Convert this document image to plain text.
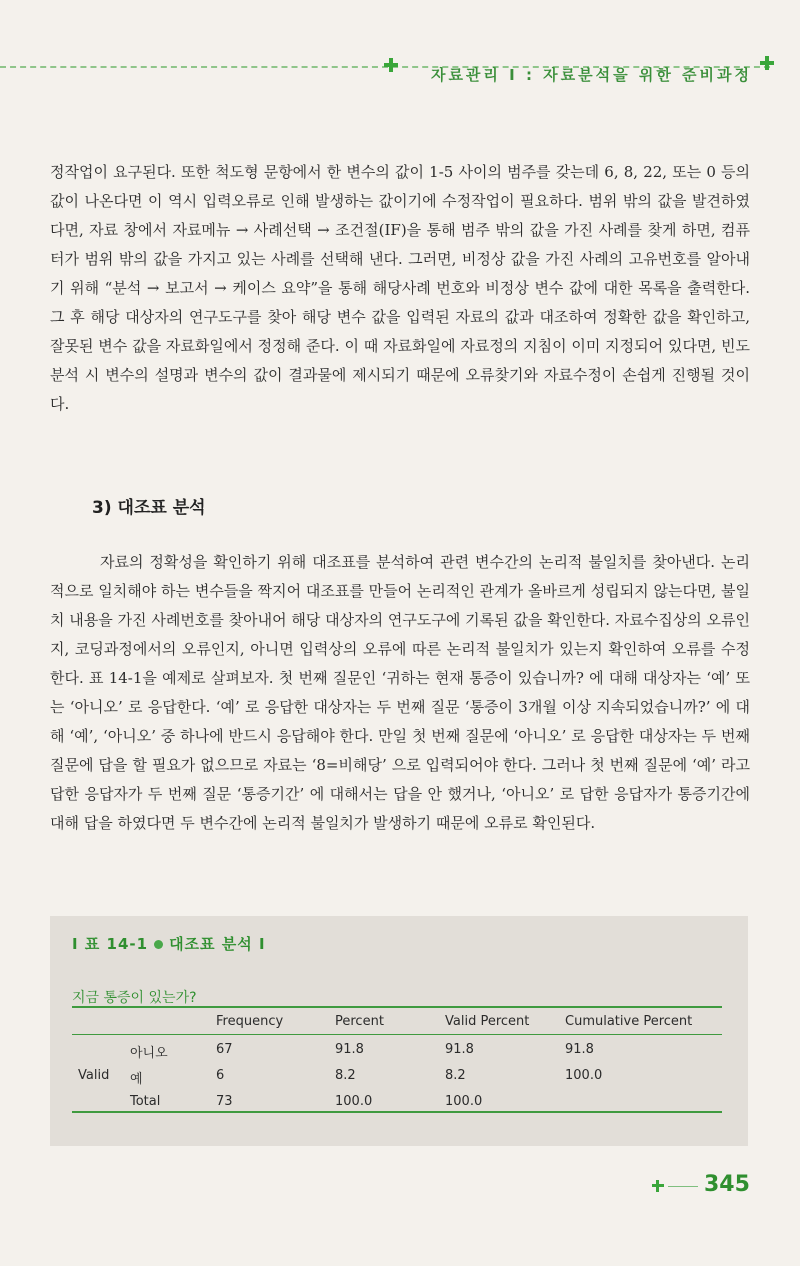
자료관리 I : 자료분석을 위한 준비과정

정작업이 요구된다. 또한 척도형 문항에서 한 변수의 값이 1-5 사이의 범주를 갖는데 6, 8, 22, 또는 0 등의 값이 나온다면 이 역시 입력오류로 인해 발생하는 값이기에 수정작업이 필요하다. 범위 밖의 값을 발견하였다면, 자료 창에서 자료메뉴 → 사례선택 → 조건절(IF)을 통해 범주 밖의 값을 가진 사례를 찾게 하면, 컴퓨터가 범위 밖의 값을 가지고 있는 사례를 선택해 낸다. 그러면, 비정상 값을 가진 사례의 고유번호를 알아내기 위해 “분석 → 보고서 → 케이스 요약”을 통해 해당사례 번호와 비정상 변수 값에 대한 목록을 출력한다. 그 후 해당 대상자의 연구도구를 찾아 해당 변수 값을 입력된 자료의 값과 대조하여 정확한 값을 확인하고, 잘못된 변수 값을 자료화일에서 정정해 준다. 이 때 자료화일에 자료정의 지침이 이미 지정되어 있다면, 빈도분석 시 변수의 설명과 변수의 값이 결과물에 제시되기 때문에 오류찾기와 자료수정이 손쉽게 진행될 것이다.

3) 대조표 분석

자료의 정확성을 확인하기 위해 대조표를 분석하여 관련 변수간의 논리적 불일치를 찾아낸다. 논리적으로 일치해야 하는 변수들을 짝지어 대조표를 만들어 논리적인 관계가 올바르게 성립되지 않는다면, 불일치 내용을 가진 사례번호를 찾아내어 해당 대상자의 연구도구에 기록된 값을 확인한다. 자료수집상의 오류인지, 코딩과정에서의 오류인지, 아니면 입력상의 오류에 따른 논리적 불일치가 있는지 확인하여 오류를 수정한다. 표 14-1을 예제로 살펴보자. 첫 번째 질문인 ‘귀하는 현재 통증이 있습니까? 에 대해 대상자는 ‘예’ 또는 ‘아니오’ 로 응답한다. ‘예’ 로 응답한 대상자는 두 번째 질문 ‘통증이 3개월 이상 지속되었습니까?’ 에 대해 ‘예’, ‘아니오’ 중 하나에 반드시 응답해야 한다. 만일 첫 번째 질문에 ‘아니오’ 로 응답한 대상자는 두 번째 질문에 답을 할 필요가 없으므로 자료는 ‘8=비해당’ 으로 입력되어야 한다. 그러나 첫 번째 질문에 ‘예’ 라고 답한 응답자가 두 번째 질문 ‘통증기간’ 에 대해서는 답을 안 했거나, ‘아니오’ 로 답한 응답자가 통증기간에 대해 답을 하였다면 두 변수간에 논리적 불일치가 발생하기 때문에 오류로 확인된다.

I 표 14-1 대조표 분석 I
지금 통증이 있는가?
Frequency	Percent	Valid Percent	Cumulative Percent
Valid
아니오	67	91.8	91.8	91.8
예	6	8.2	8.2	100.0
Total	73	100.0	100.0
345
